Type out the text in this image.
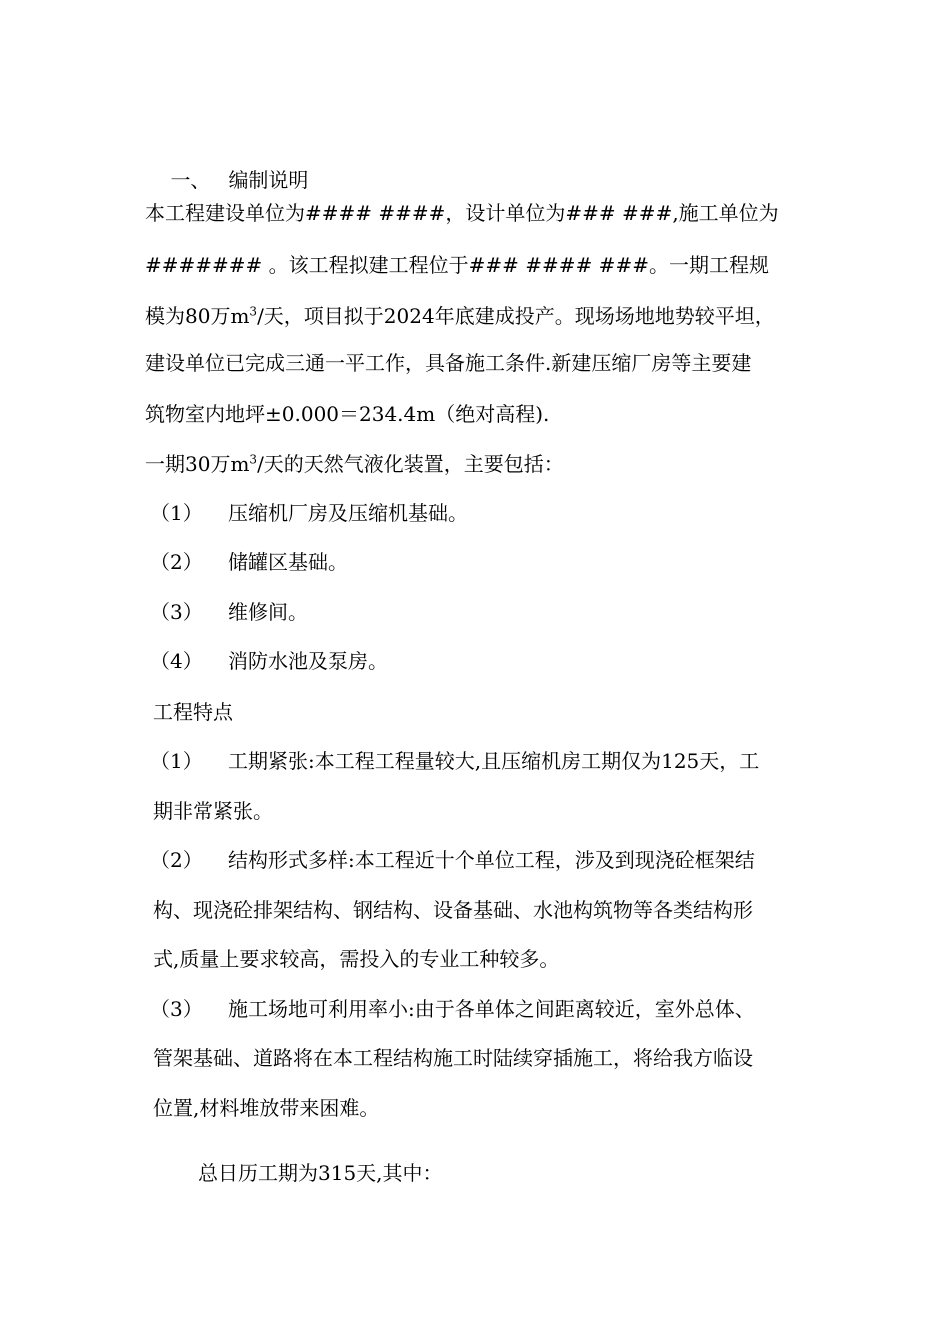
一、 编制说明

本工程建设单位为#### ####，设计单位为### ###,施工单位为
####### 。该工程拟建工程位于### #### ###。一期工程规
模为80万$m^3/$天，项目拟于2024年底建成投产。现场场地地势较平坦，
建设单位已完成三通一平工作，具备施工条件.新建压缩厂房等主要建
筑物室内地坪±0.000＝234.4m（绝对高程).
一期30万$m^3/$天的天然气液化装置，主要包括：
（1） 压缩机厂房及压缩机基础。
（2） 储罐区基础。
（3） 维修间。
（4） 消防水池及泵房。
工程特点
（1） 工期紧张:本工程工程量较大,且压缩机房工期仅为125天，工
期非常紧张。
（2） 结构形式多样:本工程近十个单位工程，涉及到现浇砼框架结
构、现浇砼排架结构、钢结构、设备基础、水池构筑物等各类结构形
式,质量上要求较高，需投入的专业工种较多。
（3） 施工场地可利用率小:由于各单体之间距离较近，室外总体、
管架基础、道路将在本工程结构施工时陆续穿插施工，将给我方临设
位置,材料堆放带来困难。
总日历工期为315天,其中：
